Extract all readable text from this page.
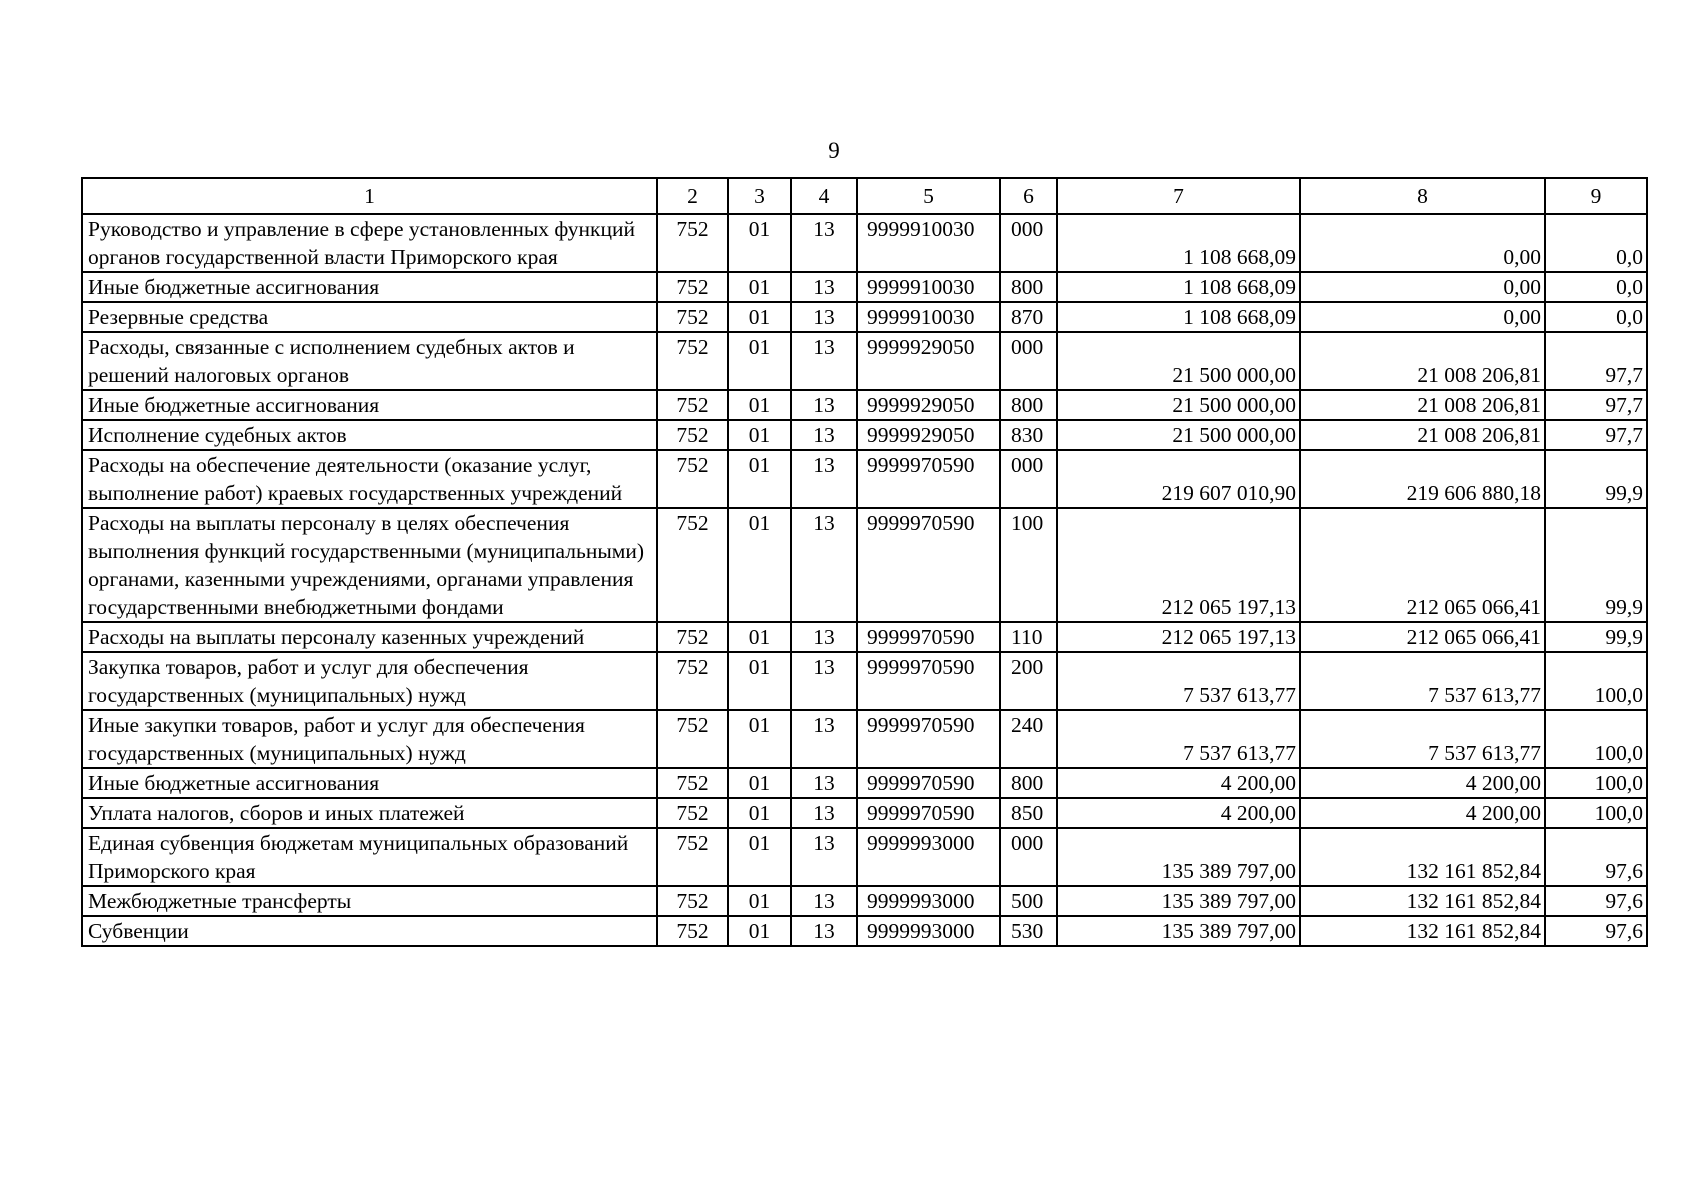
9
1	2	3	4	5	6	7	8	9
Руководство и управление в сфере установленных функций органов государственной власти Приморского края	752	01	13	9999910030	000	1 108 668,09	0,00	0,0
Иные бюджетные ассигнования	752	01	13	9999910030	800	1 108 668,09	0,00	0,0
Резервные средства	752	01	13	9999910030	870	1 108 668,09	0,00	0,0
Расходы, связанные с исполнением судебных актов и решений налоговых органов	752	01	13	9999929050	000	21 500 000,00	21 008 206,81	97,7
Иные бюджетные ассигнования	752	01	13	9999929050	800	21 500 000,00	21 008 206,81	97,7
Исполнение судебных актов	752	01	13	9999929050	830	21 500 000,00	21 008 206,81	97,7
Расходы на обеспечение деятельности (оказание услуг, выполнение работ) краевых государственных учреждений	752	01	13	9999970590	000	219 607 010,90	219 606 880,18	99,9
Расходы на выплаты персоналу в целях обеспечения выполнения функций государственными (муниципальными) органами, казенными учреждениями, органами управления государственными внебюджетными фондами	752	01	13	9999970590	100	212 065 197,13	212 065 066,41	99,9
Расходы на выплаты персоналу казенных учреждений	752	01	13	9999970590	110	212 065 197,13	212 065 066,41	99,9
Закупка товаров, работ и услуг для обеспечения государственных (муниципальных) нужд	752	01	13	9999970590	200	7 537 613,77	7 537 613,77	100,0
Иные закупки товаров, работ и услуг для обеспечения государственных (муниципальных) нужд	752	01	13	9999970590	240	7 537 613,77	7 537 613,77	100,0
Иные бюджетные ассигнования	752	01	13	9999970590	800	4 200,00	4 200,00	100,0
Уплата налогов, сборов и иных платежей	752	01	13	9999970590	850	4 200,00	4 200,00	100,0
Единая субвенция бюджетам муниципальных образований Приморского края	752	01	13	9999993000	000	135 389 797,00	132 161 852,84	97,6
Межбюджетные трансферты	752	01	13	9999993000	500	135 389 797,00	132 161 852,84	97,6
Субвенции	752	01	13	9999993000	530	135 389 797,00	132 161 852,84	97,6
